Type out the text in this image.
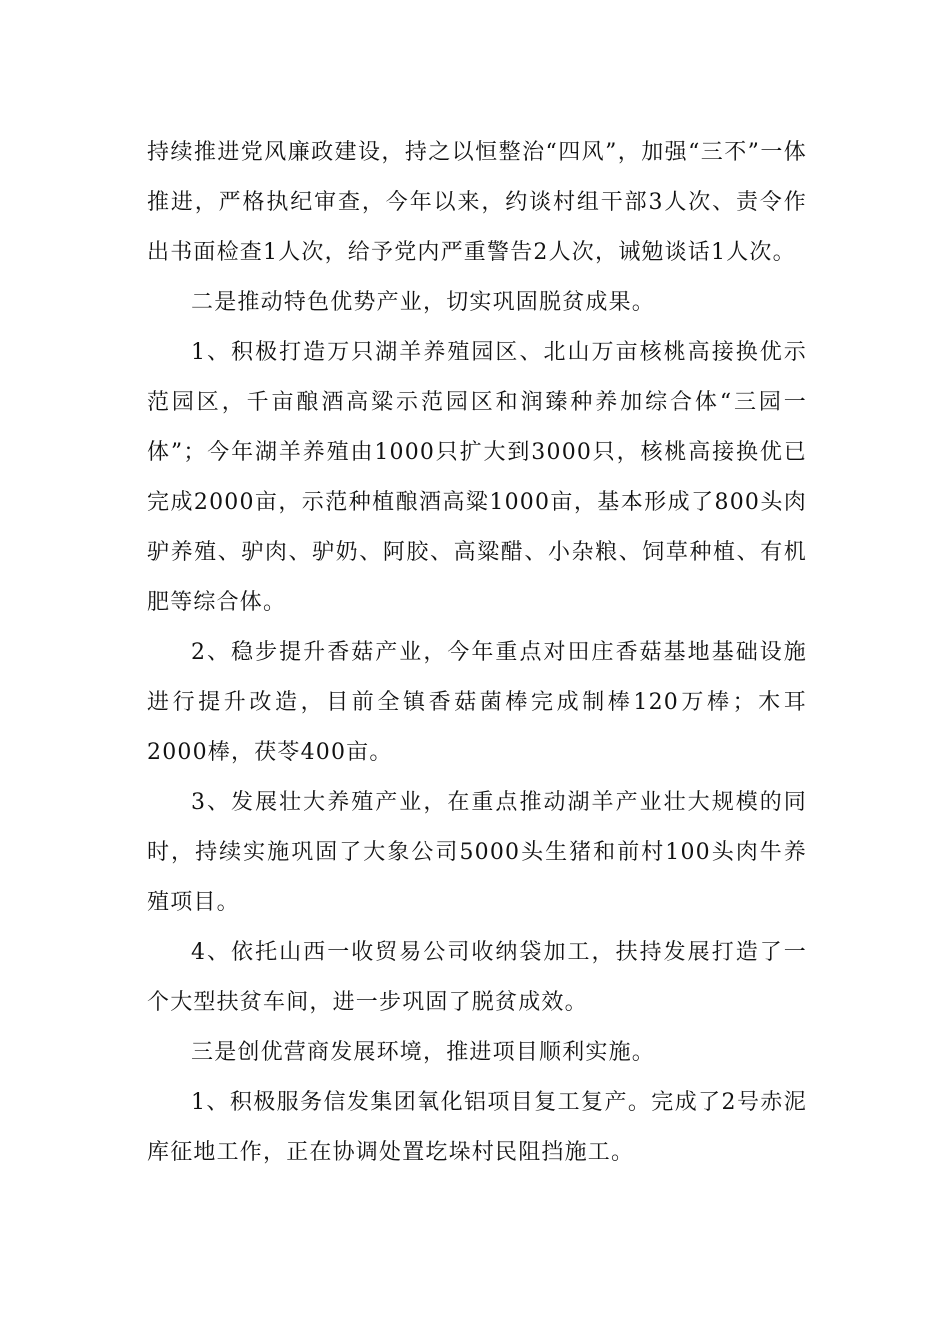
持续推进党风廉政建设，持之以恒整治“四风”，加强“三不”一体推进，严格执纪审查，今年以来，约谈村组干部3人次、责令作出书面检查1人次，给予党内严重警告2人次，诫勉谈话1人次。

二是推动特色优势产业，切实巩固脱贫成果。

1、积极打造万只湖羊养殖园区、北山万亩核桃高接换优示范园区，千亩酿酒高粱示范园区和润臻种养加综合体“三园一体”；今年湖羊养殖由1000只扩大到3000只，核桃高接换优已完成2000亩，示范种植酿酒高粱1000亩，基本形成了800头肉驴养殖、驴肉、驴奶、阿胶、高粱醋、小杂粮、饲草种植、有机肥等综合体。

2、稳步提升香菇产业，今年重点对田庄香菇基地基础设施进行提升改造，目前全镇香菇菌棒完成制棒120万棒；木耳2000棒，茯苓400亩。

3、发展壮大养殖产业，在重点推动湖羊产业壮大规模的同时，持续实施巩固了大象公司5000头生猪和前村100头肉牛养殖项目。

4、依托山西一收贸易公司收纳袋加工，扶持发展打造了一个大型扶贫车间，进一步巩固了脱贫成效。

三是创优营商发展环境，推进项目顺利实施。

1、积极服务信发集团氧化铝项目复工复产。完成了2号赤泥库征地工作，正在协调处置圪垛村民阻挡施工。
